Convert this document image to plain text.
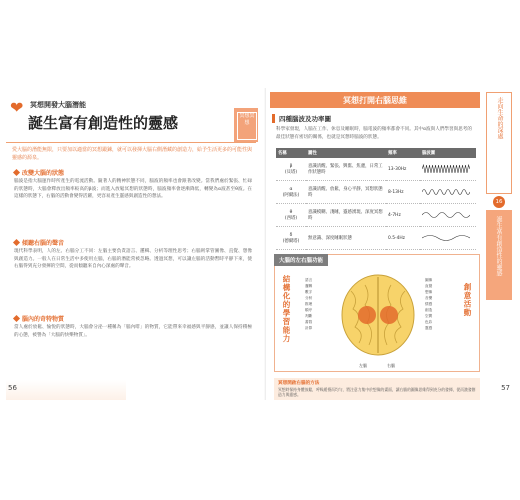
❤ 冥想開發大腦潛能
誕生富有創造性的靈感	冥想冥想
愛大腦的潛能無限，只要加以適當的冥想鍛鍊，就可以發揮大腦右側潛藏的創造力，給予生活更多的可能性與靈感的源泉。
改變大腦的狀態
腦波是指大腦運作時所產生的電流活動。隨著人的精神狀態不同，腦波的頻率也會跟著改變。當我們處於緊張、忙碌的狀態時，大腦會釋放出頻率較高的β波；而進入放鬆冥想的狀態時，腦波頻率會逐漸降低，轉變為α波甚至θ波。在這樣的狀態下，右腦的活動會變得活躍，更容易產生靈感與創造性的想法。
傾聽右腦的聲音
現代科學表明，人的左、右腦分工不同：左腦主要負責語言、邏輯、分析等理性思考；右腦則掌管圖像、直覺、想像與創造力。一般人在日常生活中多使用左腦，右腦的潛能常被忽略。透過冥想，可以讓左腦的活動暫時平靜下來，使右腦得到充分發揮的空間，從而傾聽來自內心深處的聲音。
腦內的奇特物質
當人處於放鬆、愉悅的狀態時，大腦會分泌一種稱為「腦內啡」的物質，它能帶來幸福感與平靜感，並讓人保持積極的心態，被譽為「大腦的快樂物質」。
56
冥想打開右腦思維	走向生命的深處
16
誕生富有創造性的靈感
四種腦波及功率圖
科學家發現，人腦在工作、休息及睡眠時，腦電波的頻率都會不同。其中α波與人們學習與思考的最佳狀態有密切的關係，也就是冥想時腦波的狀態。
名稱	屬性	頻率	腦波圖
β
(貝塔)	意識清醒、緊張、興奮、焦慮，日常工作狀態時	13-30Hz	

α
(阿爾法)	意識清醒、放鬆，身心平靜，冥想狀態時	8-13Hz	

θ
(西塔)	意識模糊、淺睡，靈感湧現、深度冥想時	4-7Hz	

δ
(德爾塔)	無意識、深度睡眠狀態	0.5-4Hz	
大腦的左右腦功能
結構化的學習能力	創意活動
左腦	右腦
語言
邏輯
數字
分析
推理
順序
判斷
書寫
計算
圖像
直覺
想像
音樂
情感
創造
空間
色彩
靈感
冥想開啟右腦的方法
冥想時保持身體放鬆，呼吸緩慢而均勻，將注意力集中於想像的畫面，讓右腦的圖像思維得到充分的發揮，從而激發創造力與靈感。
57
